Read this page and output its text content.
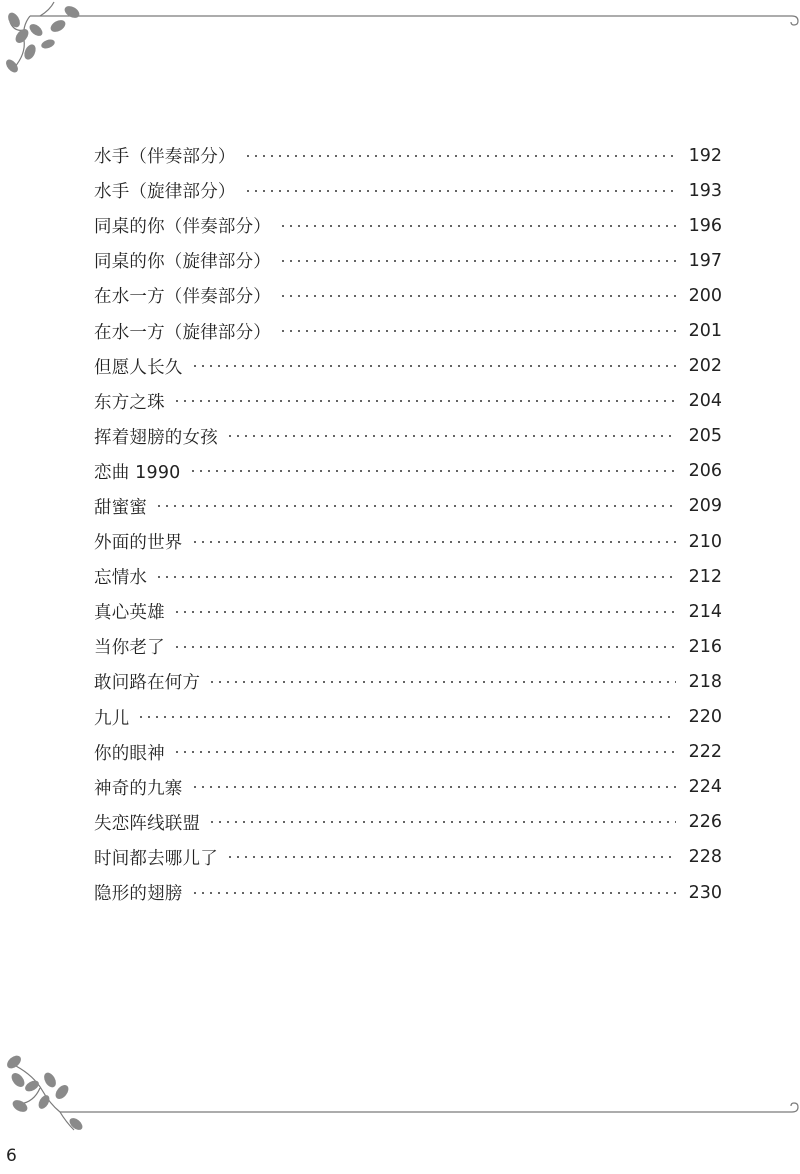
水手（伴奏部分）	192
水手（旋律部分）	193
同桌的你（伴奏部分）	196
同桌的你（旋律部分）	197
在水一方（伴奏部分）	200
在水一方（旋律部分）	201
但愿人长久	202
东方之珠	204
挥着翅膀的女孩	205
恋曲 1990	206
甜蜜蜜	209
外面的世界	210
忘情水	212
真心英雄	214
当你老了	216
敢问路在何方	218
九儿	220
你的眼神	222
神奇的九寨	224
失恋阵线联盟	226
时间都去哪儿了	228
隐形的翅膀	230
6
